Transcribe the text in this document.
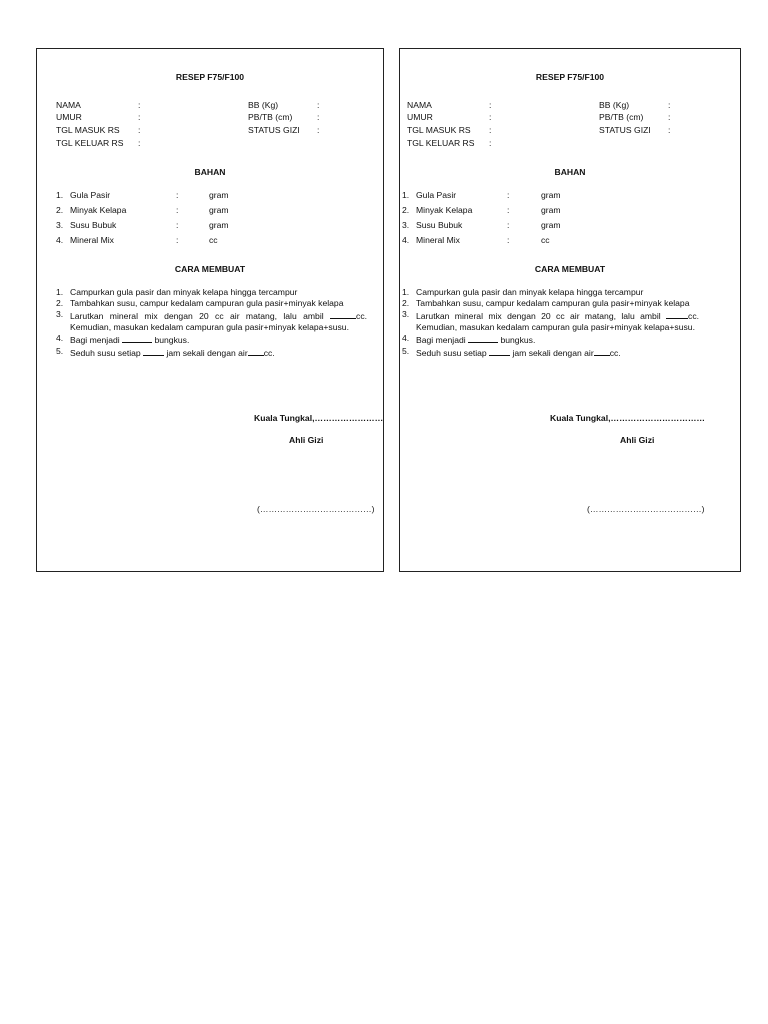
RESEP F75/F100
NAMA	:
UMUR	:
TGL MASUK RS :
TGL KELUAR RS :
BB (Kg)	:
PB/TB (cm)	:
STATUS GIZI :
BAHAN
1. Gula Pasir	:	gram
2. Minyak Kelapa	:	gram
3. Susu Bubuk	:	gram
4. Mineral Mix	:	cc
CARA MEMBUAT
1. Campurkan gula pasir dan minyak kelapa hingga tercampur
2. Tambahkan susu, campur kedalam campuran gula pasir+minyak kelapa
3. Larutkan mineral mix dengan 20 cc air matang, lalu ambil	cc. Kemudian, masukan kedalam campuran gula pasir+minyak kelapa+susu.
4. Bagi menjadi	bungkus.
5. Seduh susu setiap  jam sekali dengan air cc.
Kuala Tungkal,……………………
Ahli Gizi
(…………………………………)
RESEP F75/F100
NAMA	:
UMUR	:
TGL MASUK RS :
TGL KELUAR RS :
BB (Kg)	:
PB/TB (cm)	:
STATUS GIZI :
BAHAN
1. Gula Pasir	:	gram
2. Minyak Kelapa	:	gram
3. Susu Bubuk	:	gram
4. Mineral Mix	:	cc
CARA MEMBUAT
1. Campurkan gula pasir dan minyak kelapa hingga tercampur
2. Tambahkan susu, campur kedalam campuran gula pasir+minyak kelapa
3. Larutkan mineral mix dengan 20 cc air matang, lalu ambil	cc. Kemudian, masukan kedalam campuran gula pasir+minyak kelapa+susu.
4. Bagi menjadi	bungkus.
5. Seduh susu setiap  jam sekali dengan air cc.
Kuala Tungkal,……………………………
Ahli Gizi
(…………………………………)
